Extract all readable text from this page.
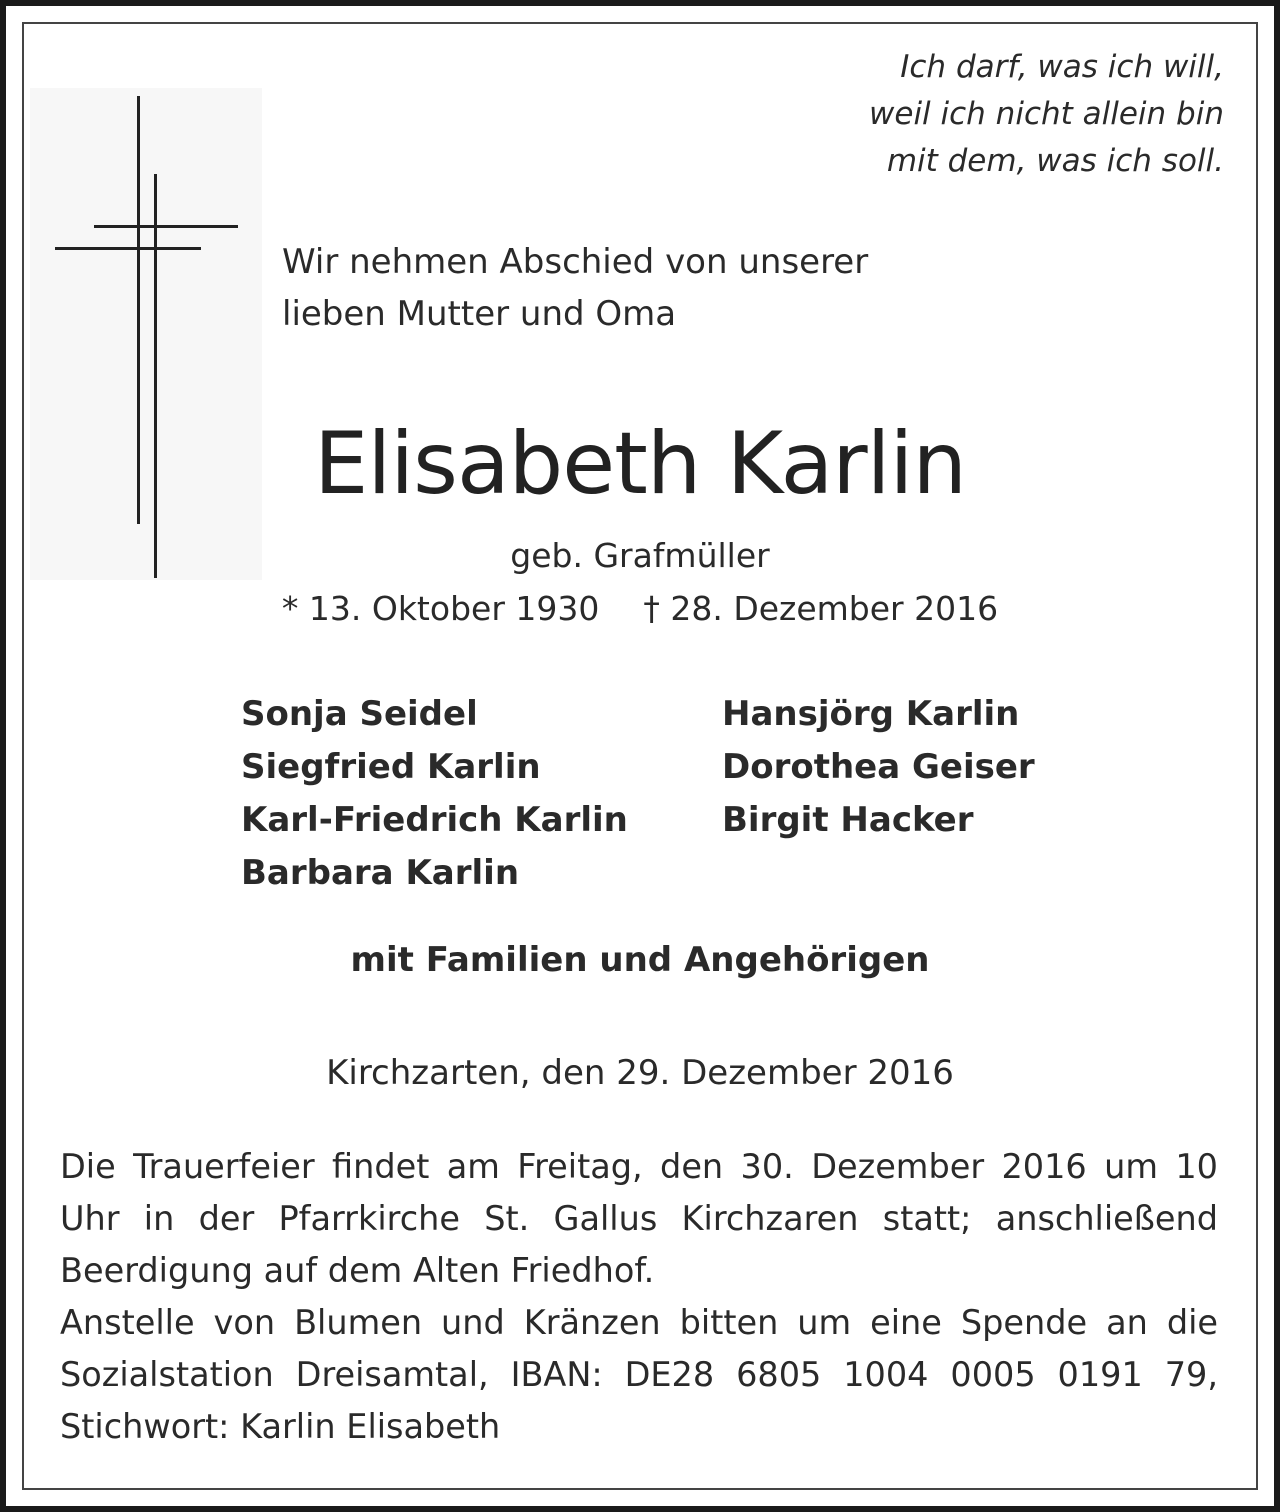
Ich darf, was ich will,
weil ich nicht allein bin
mit dem, was ich soll.
Wir nehmen Abschied von unserer
lieben Mutter und Oma
Elisabeth Karlin
geb. Grafmüller
* 13. Oktober 1930 † 28. Dezember 2016
Sonja Seidel
Siegfried Karlin
Karl-Friedrich Karlin
Barbara Karlin
Hansjörg Karlin
Dorothea Geiser
Birgit Hacker
mit Familien und Angehörigen
Kirchzarten, den 29. Dezember 2016

Die Trauerfeier findet am Freitag, den 30. Dezember 2016 um 10 Uhr in der Pfarrkirche St. Gallus Kirchzaren statt; anschließend Beerdigung auf dem Alten Friedhof.

Anstelle von Blumen und Kränzen bitten um eine Spende an die Sozialstation Dreisamtal, IBAN: DE28 6805 1004 0005 0191 79, Stichwort: Karlin Elisabeth
